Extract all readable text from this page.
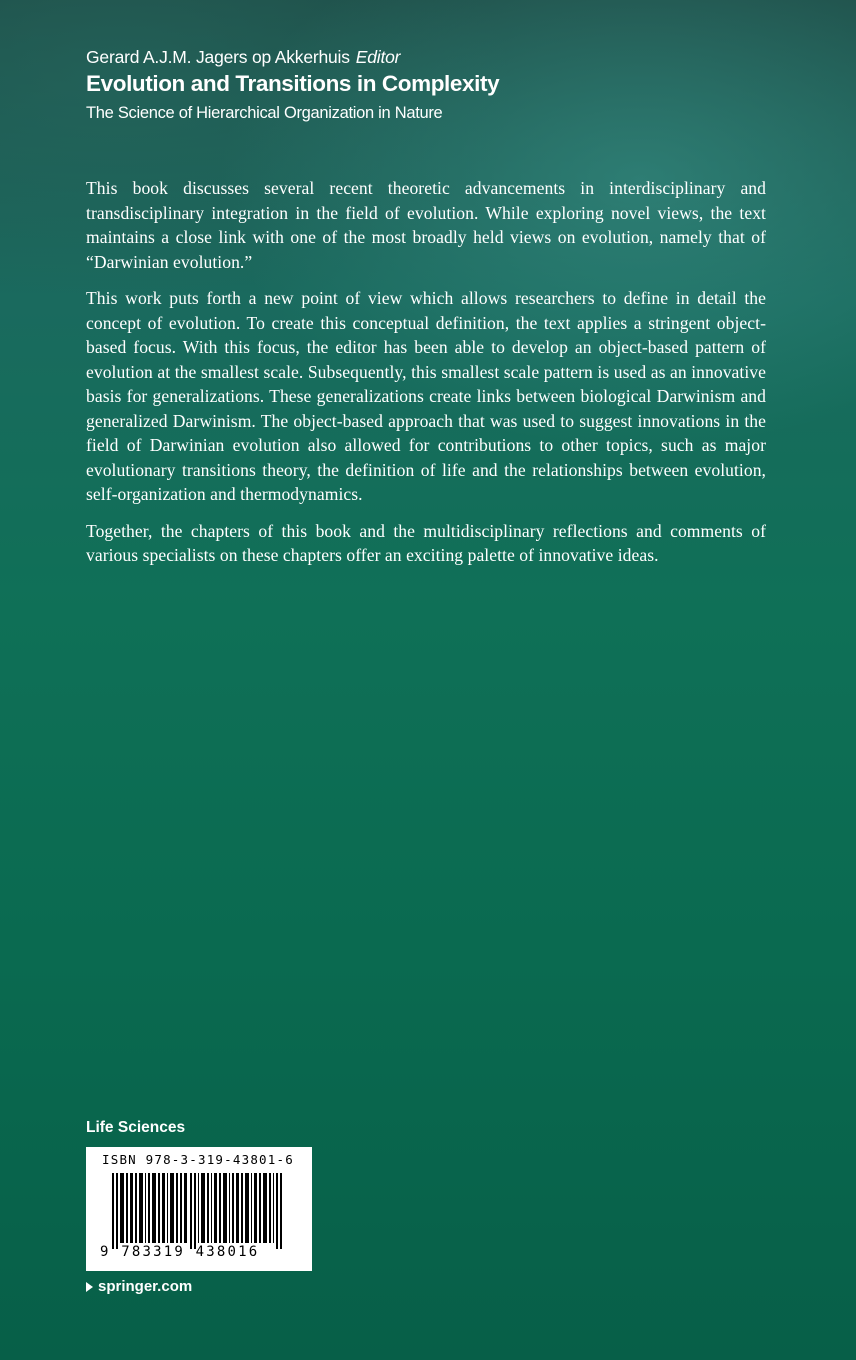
Gerard A.J.M. Jagers op Akkerhuis Editor

Evolution and Transitions in Complexity

The Science of Hierarchical Organization in Nature

This book discusses several recent theoretic advancements in interdisciplinary and transdisciplinary integration in the field of evolution. While exploring novel views, the text maintains a close link with one of the most broadly held views on evolution, namely that of “Darwinian evolution.”

This work puts forth a new point of view which allows researchers to define in detail the concept of evolution. To create this conceptual definition, the text applies a stringent object-based focus. With this focus, the editor has been able to develop an object-based pattern of evolution at the smallest scale. Subsequently, this smallest scale pattern is used as an innovative basis for generalizations. These generalizations create links between biological Darwinism and generalized Darwinism. The object-based approach that was used to suggest innovations in the field of Darwinian evolution also allowed for contributions to other topics, such as major evolutionary transitions theory, the definition of life and the relationships between evolution, self-organization and thermodynamics.

Together, the chapters of this book and the multidisciplinary reflections and comments of various specialists on these chapters offer an exciting palette of innovative ideas.

Life Sciences
ISBN 978-3-319-43801-6
9 783319 438016
springer.com
